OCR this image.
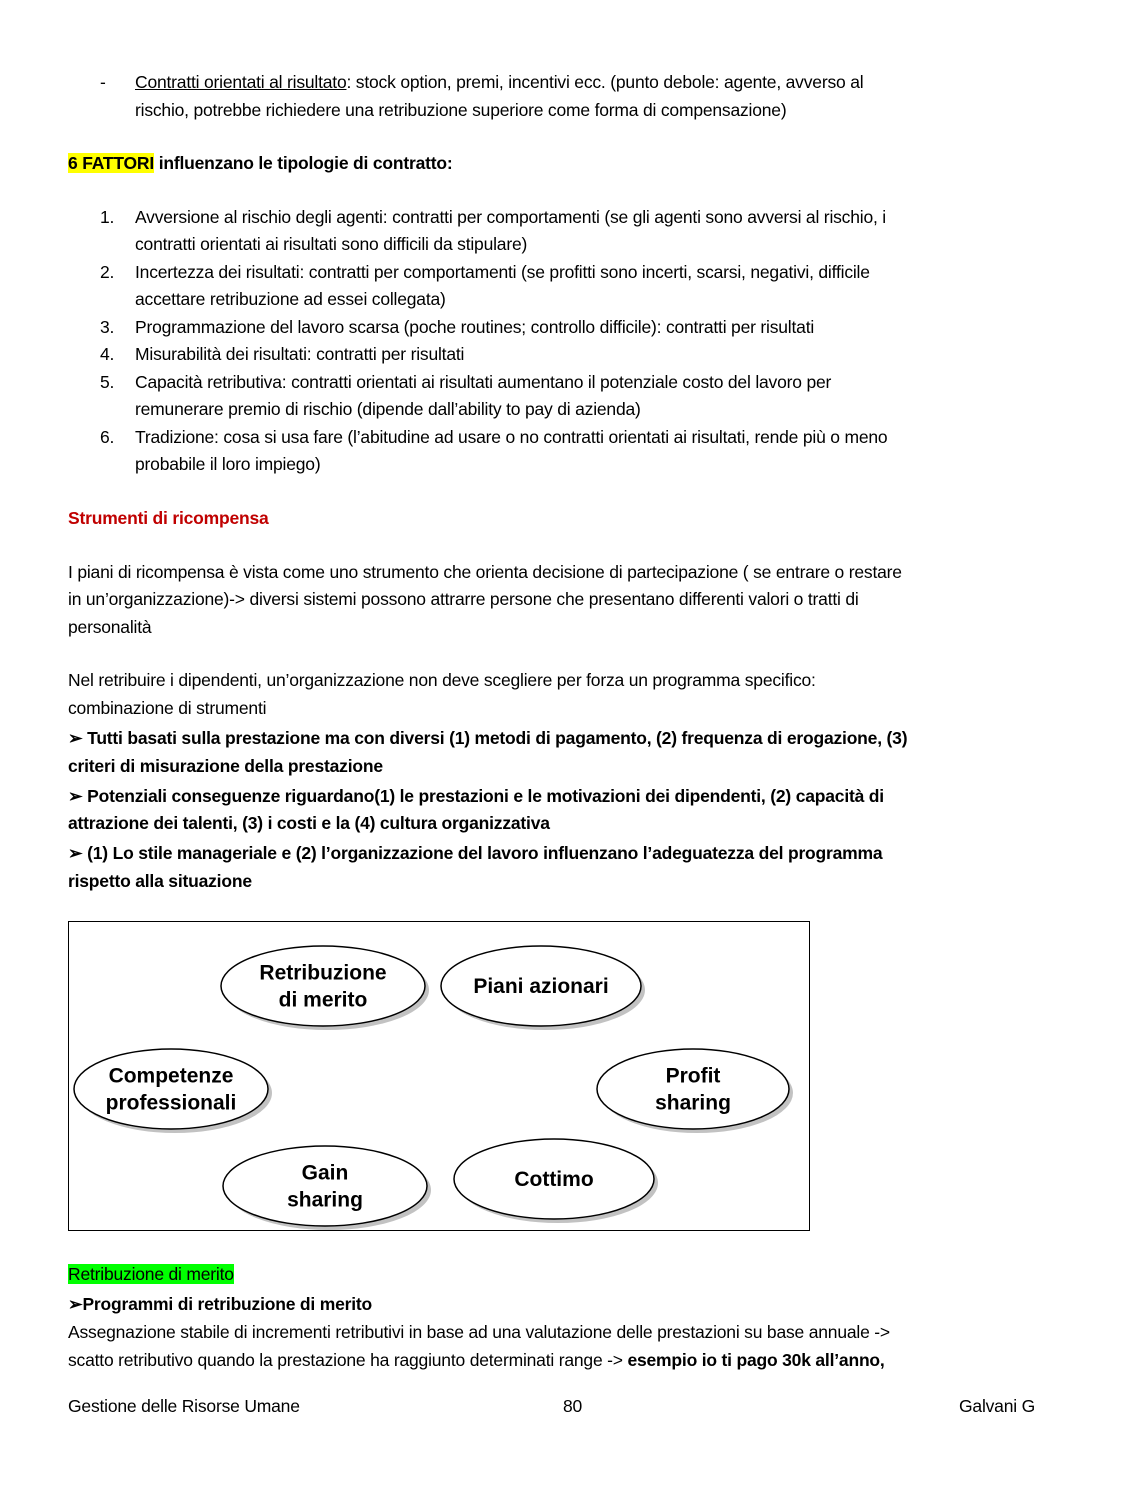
- Contratti orientati al risultato: stock option, premi, incentivi ecc. (punto debole: agente, avverso al
rischio, potrebbe richiedere una retribuzione superiore come forma di compensazione)
6 FATTORI influenzano le tipologie di contratto:
1. Avversione al rischio degli agenti: contratti per comportamenti (se gli agenti sono avversi al rischio, i
contratti orientati ai risultati sono difficili da stipulare)
2. Incertezza dei risultati: contratti per comportamenti (se profitti sono incerti, scarsi, negativi, difficile
accettare retribuzione ad essei collegata)
3. Programmazione del lavoro scarsa (poche routines; controllo difficile): contratti per risultati
4. Misurabilità dei risultati: contratti per risultati
5. Capacità retributiva: contratti orientati ai risultati aumentano il potenziale costo del lavoro per
remunerare premio di rischio (dipende dall’ability to pay di azienda)
6. Tradizione: cosa si usa fare (l’abitudine ad usare o no contratti orientati ai risultati, rende più o meno
probabile il loro impiego)
Strumenti di ricompensa
I piani di ricompensa è vista come uno strumento che orienta decisione di partecipazione ( se entrare o restare
in un’organizzazione)-> diversi sistemi possono attrarre persone che presentano differenti valori o tratti di
personalità
Nel retribuire i dipendenti, un’organizzazione non deve scegliere per forza un programma specifico:
combinazione di strumenti
➢ Tutti basati sulla prestazione ma con diversi (1) metodi di pagamento, (2) frequenza di erogazione, (3)
criteri di misurazione della prestazione
➢ Potenziali conseguenze riguardano(1) le prestazioni e le motivazioni dei dipendenti, (2) capacità di
attrazione dei talenti, (3) i costi e la (4) cultura organizzativa
➢ (1) Lo stile manageriale e (2) l’organizzazione del lavoro influenzano l’adeguatezza del programma
rispetto alla situazione
Retribuzione
di merito
Piani azionari
Competenze
professionali
Profit
sharing
Gain
sharing
Cottimo
Retribuzione di merito
➢Programmi di retribuzione di merito
Assegnazione stabile di incrementi retributivi in base ad una valutazione delle prestazioni su base annuale ->
scatto retributivo quando la prestazione ha raggiunto determinati range -> esempio io ti pago 30k all’anno,
Gestione delle Risorse Umane	80	Galvani G
